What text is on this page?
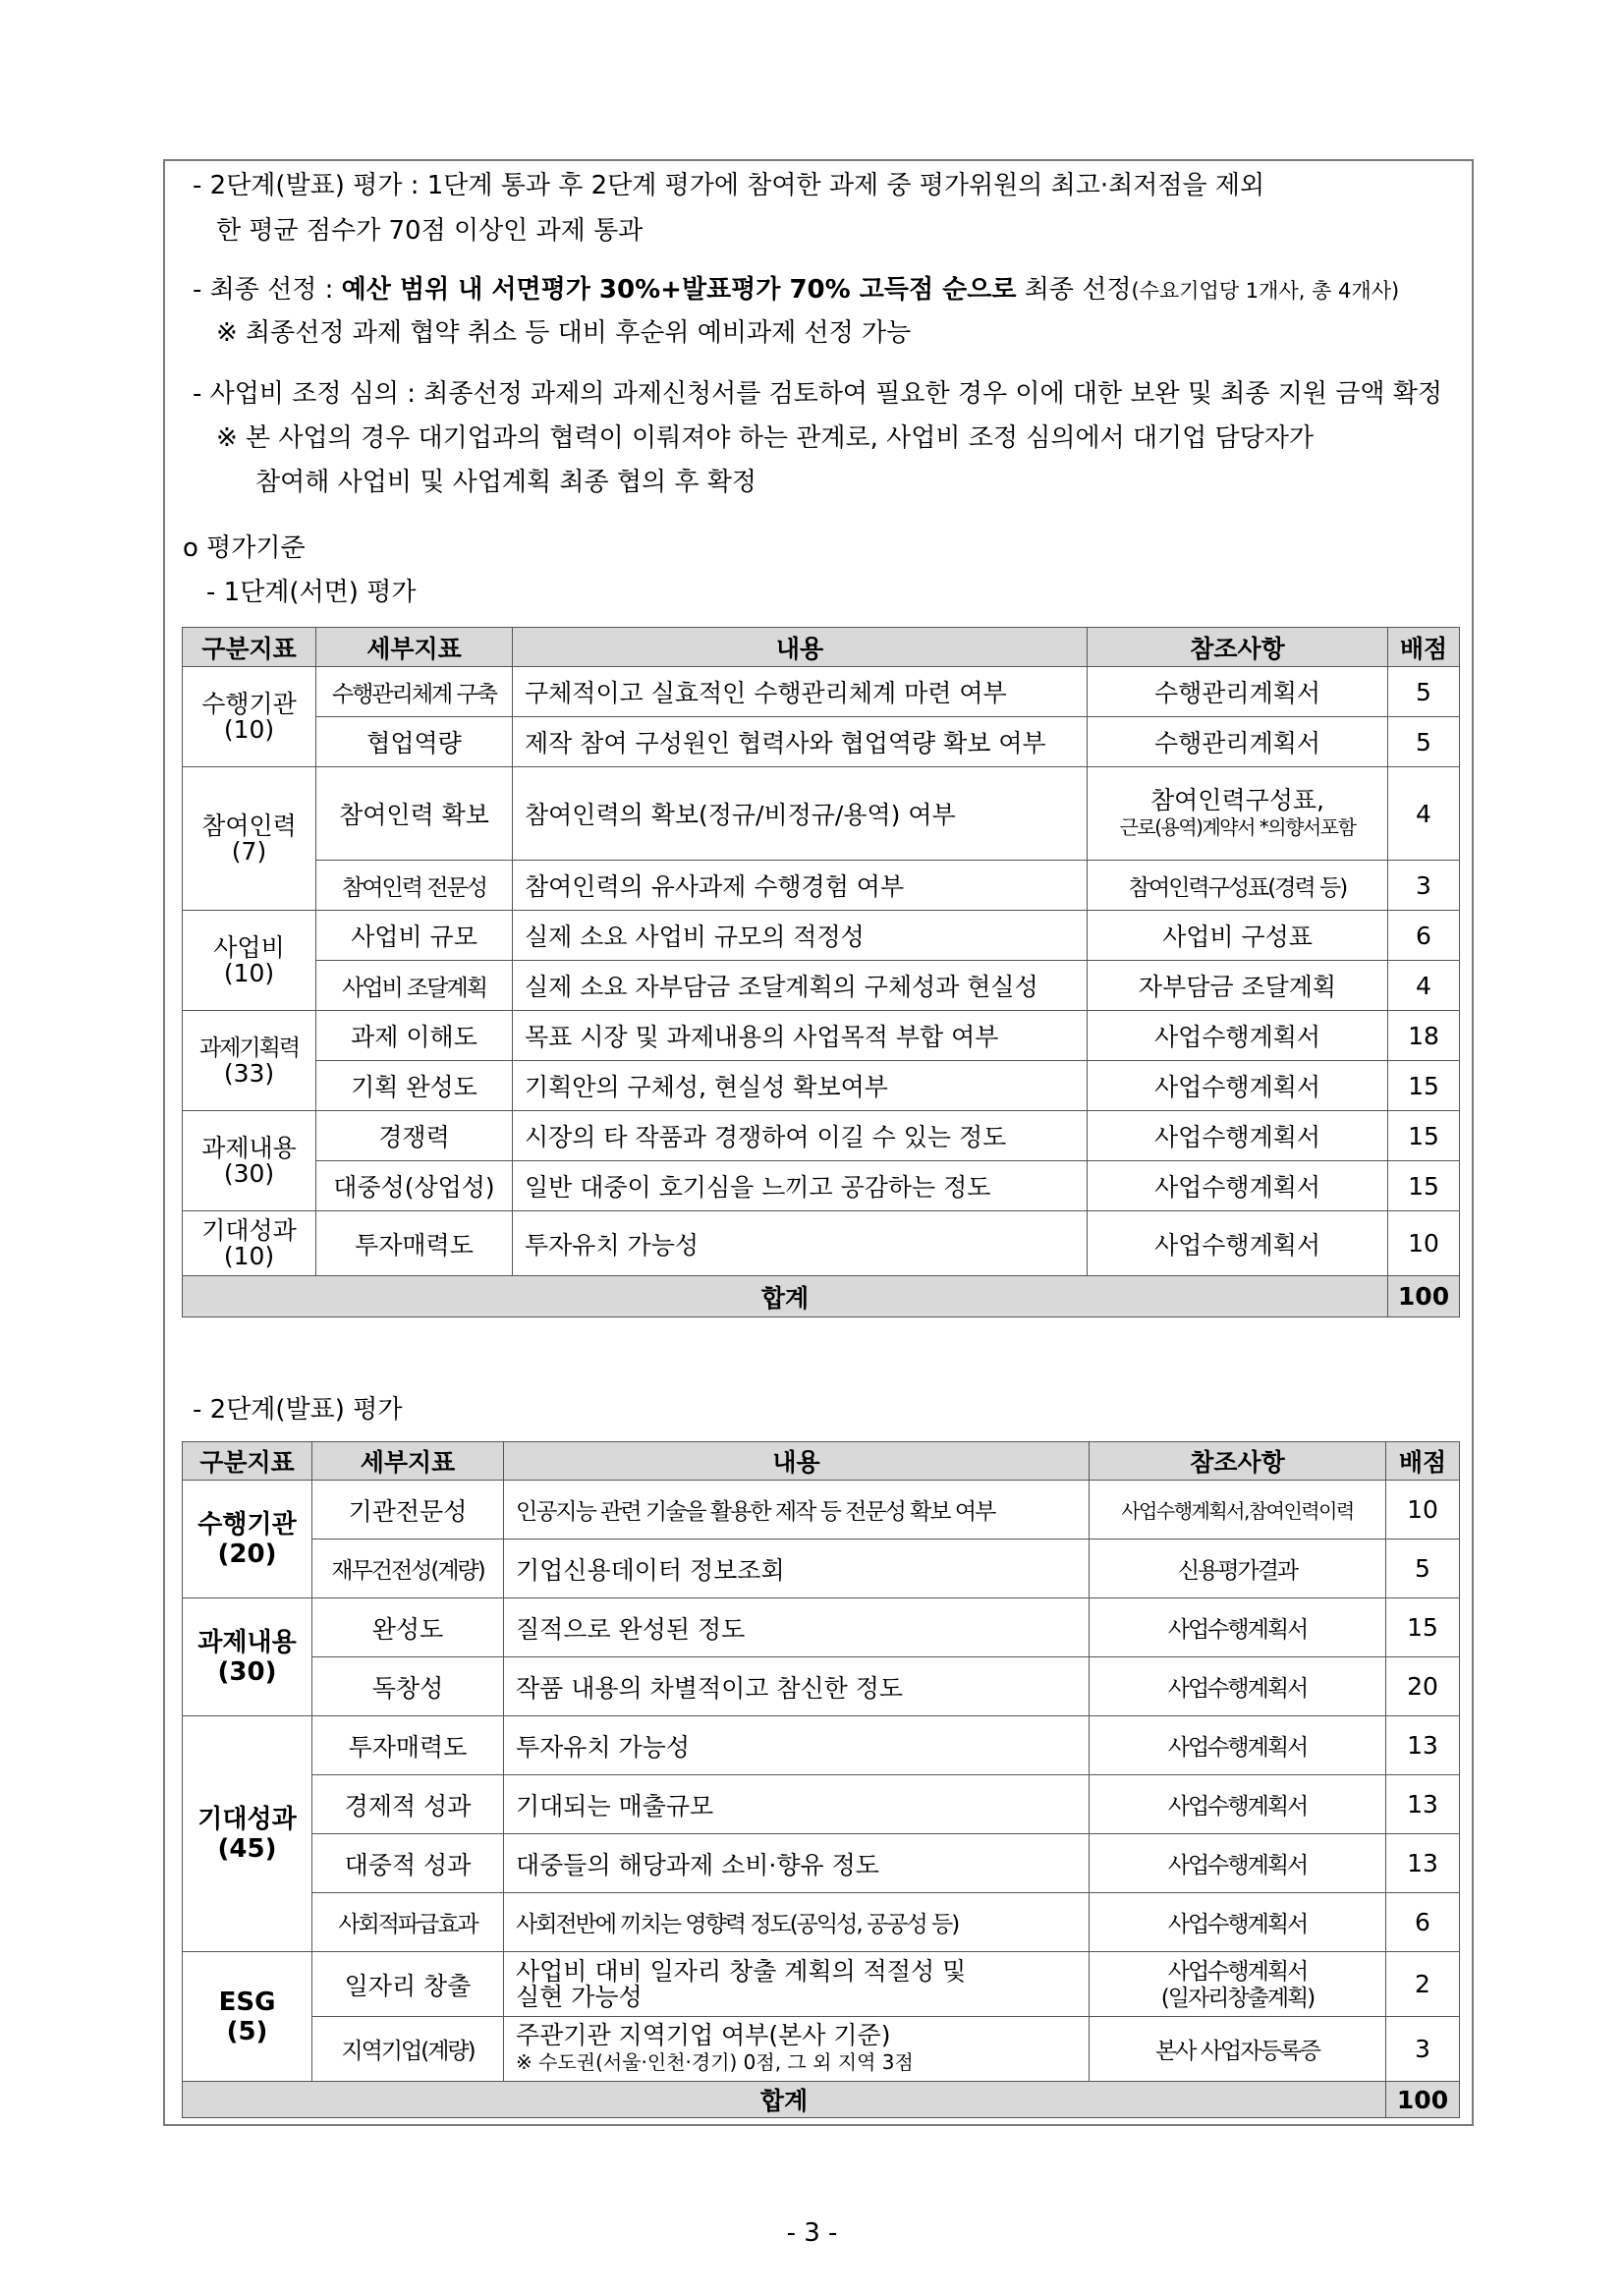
- 2단계(발표) 평가 : 1단계 통과 후 2단계 평가에 참여한 과제 중 평가위원의 최고·최저점을 제외
한 평균 점수가 70점 이상인 과제 통과
- 최종 선정 : 예산 범위 내 서면평가 30%+발표평가 70% 고득점 순으로 최종 선정(수요기업당 1개사, 총 4개사)
※ 최종선정 과제 협약 취소 등 대비 후순위 예비과제 선정 가능
- 사업비 조정 심의 : 최종선정 과제의 과제신청서를 검토하여 필요한 경우 이에 대한 보완 및 최종 지원 금액 확정
※ 본 사업의 경우 대기업과의 협력이 이뤄져야 하는 관계로, 사업비 조정 심의에서 대기업 담당자가
참여해 사업비 및 사업계획 최종 협의 후 확정
o 평가기준
- 1단계(서면) 평가
구분지표	세부지표	내용	참조사항	배점
수행기관
(10)	수행관리체계 구축	구체적이고 실효적인 수행관리체계 마련 여부	수행관리계획서	5
	협업역량	제작 참여 구성원인 협력사와 협업역량 확보 여부	수행관리계획서	5
참여인력
(7)	참여인력 확보	참여인력의 확보(정규/비정규/용역) 여부	참여인력구성표,
근로(용역)계약서 *의향서포함	4
	참여인력 전문성	참여인력의 유사과제 수행경험 여부	참여인력구성표(경력 등)	3
사업비
(10)	사업비 규모	실제 소요 사업비 규모의 적정성	사업비 구성표	6
	사업비 조달계획	실제 소요 자부담금 조달계획의 구체성과 현실성	자부담금 조달계획	4
과제기획력
(33)	과제 이해도	목표 시장 및 과제내용의 사업목적 부합 여부	사업수행계획서	18
	기획 완성도	기획안의 구체성, 현실성 확보여부	사업수행계획서	15
과제내용
(30)	경쟁력	시장의 타 작품과 경쟁하여 이길 수 있는 정도	사업수행계획서	15
	대중성(상업성)	일반 대중이 호기심을 느끼고 공감하는 정도	사업수행계획서	15
기대성과
(10)	투자매력도	투자유치 가능성	사업수행계획서	10
합계				100
- 2단계(발표) 평가
구분지표	세부지표	내용	참조사항	배점
수행기관
(20)	기관전문성	인공지능 관련 기술을 활용한 제작 등 전문성 확보 여부	사업수행계획서,참여인력이력	10
	재무건전성(계량)	기업신용데이터 정보조회	신용평가결과	5
과제내용
(30)	완성도	질적으로 완성된 정도	사업수행계획서	15
	독창성	작품 내용의 차별적이고 참신한 정도	사업수행계획서	20
기대성과
(45)	투자매력도	투자유치 가능성	사업수행계획서	13
	경제적 성과	기대되는 매출규모	사업수행계획서	13
	대중적 성과	대중들의 해당과제 소비·향유 정도	사업수행계획서	13
	사회적파급효과	사회전반에 끼치는 영향력 정도(공익성, 공공성 등)	사업수행계획서	6
ESG
(5)	일자리 창출	사업비 대비 일자리 창출 계획의 적절성 및
실현 가능성	사업수행계획서
(일자리창출계획)	2
	지역기업(계량)	주관기관 지역기업 여부(본사 기준)
※ 수도권(서울·인천·경기) 0점, 그 외 지역 3점	본사 사업자등록증	3
합계				100
- 3 -
